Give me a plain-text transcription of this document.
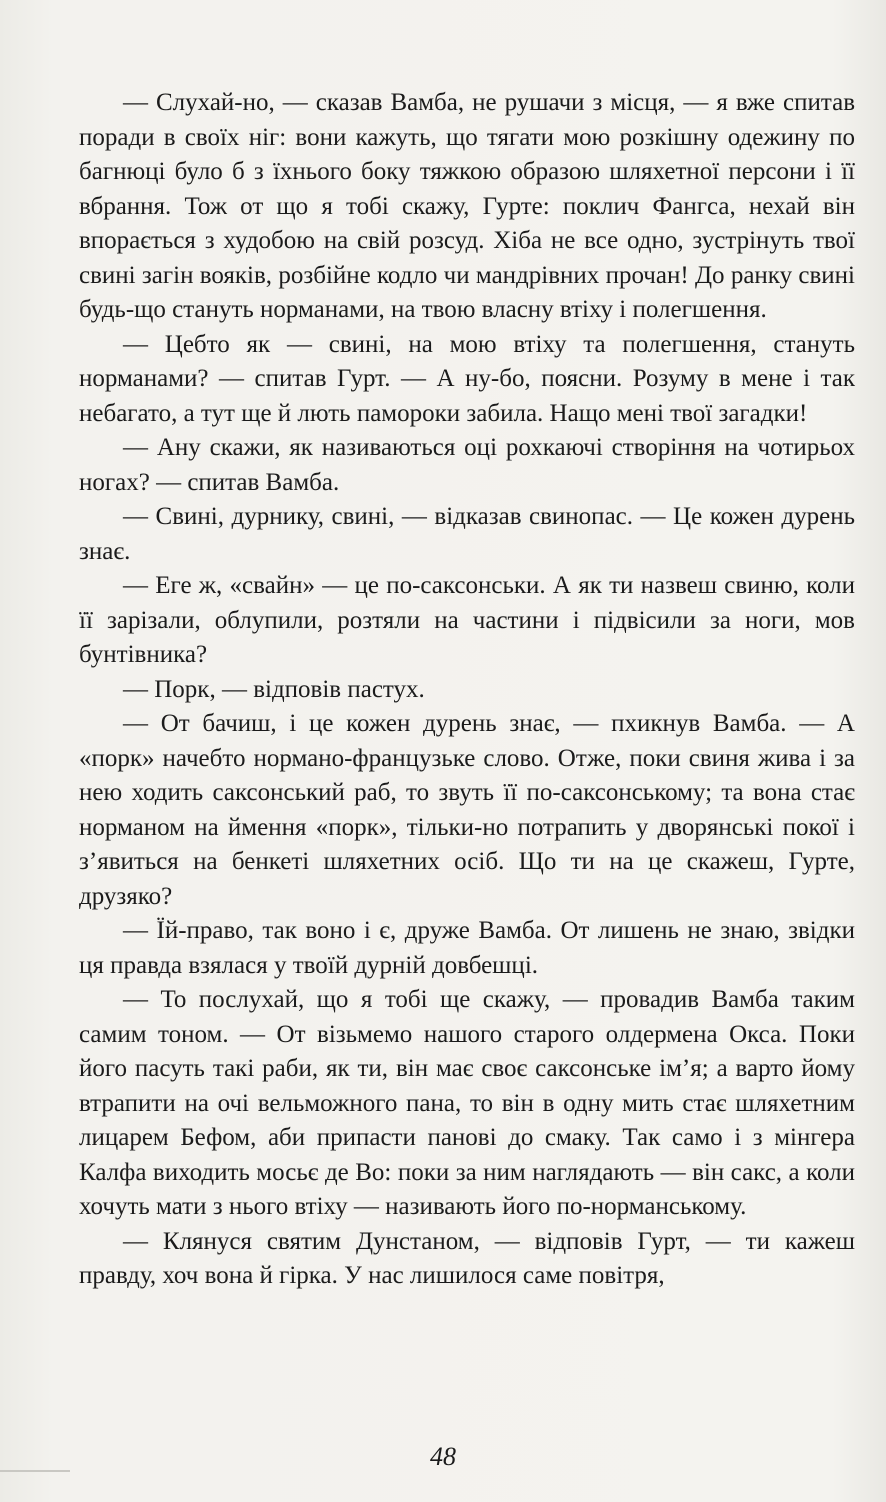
— Слухай-но, — сказав Вамба, не рушачи з місця, — я вже спитав поради в своїх ніг: вони кажуть, що тягати мою розкішну одежину по багнюці було б з їхнього боку тяжкою образою шляхетної персони і її вбрання. Тож от що я тобі скажу, Гурте: поклич Фангса, нехай він впорається з худобою на свій розсуд. Хіба не все одно, зустрінуть твої свині загін вояків, розбійне кодло чи мандрівних прочан! До ранку свині будь-що стануть норманами, на твою власну втіху і полегшення.

— Цебто як — свині, на мою втіху та полегшення, стануть норманами? — спитав Гурт. — А ну-бо, поясни. Розуму в мене і так небагато, а тут ще й лють памороки забила. Нащо мені твої загадки!

— Ану скажи, як називаються оці рохкаючі створіння на чотирьох ногах? — спитав Вамба.

— Свині, дурнику, свині, — відказав свинопас. — Це кожен дурень знає.

— Еге ж, «свайн» — це по-саксонськи. А як ти назвеш свиню, коли її зарізали, облупили, розтяли на частини і підвісили за ноги, мов бунтівника?

— Порк, — відповів пастух.

— От бачиш, і це кожен дурень знає, — пхикнув Вамба. — А «порк» начебто нормано-французьке слово. Отже, поки свиня жива і за нею ходить саксонський раб, то звуть її по-саксонському; та вона стає норманом на ймення «порк», тільки-но потрапить у дворянські покої і з’явиться на бенкеті шляхетних осіб. Що ти на це скажеш, Гурте, друзяко?

— Їй-право, так воно і є, друже Вамба. От лишень не знаю, звідки ця правда взялася у твоїй дурній довбешці.

— То послухай, що я тобі ще скажу, — провадив Вамба таким самим тоном. — От візьмемо нашого старого олдермена Окса. Поки його пасуть такі раби, як ти, він має своє саксонське ім’я; а варто йому втрапити на очі вельможного пана, то він в одну мить стає шляхетним лицарем Бефом, аби припасти панові до смаку. Так само і з мінгера Калфа виходить мосьє де Во: поки за ним наглядають — він сакс, а коли хочуть мати з нього втіху — називають його по-норманському.

— Клянуся святим Дунстаном, — відповів Гурт, — ти кажеш правду, хоч вона й гірка. У нас лишилося саме повітря,

48
